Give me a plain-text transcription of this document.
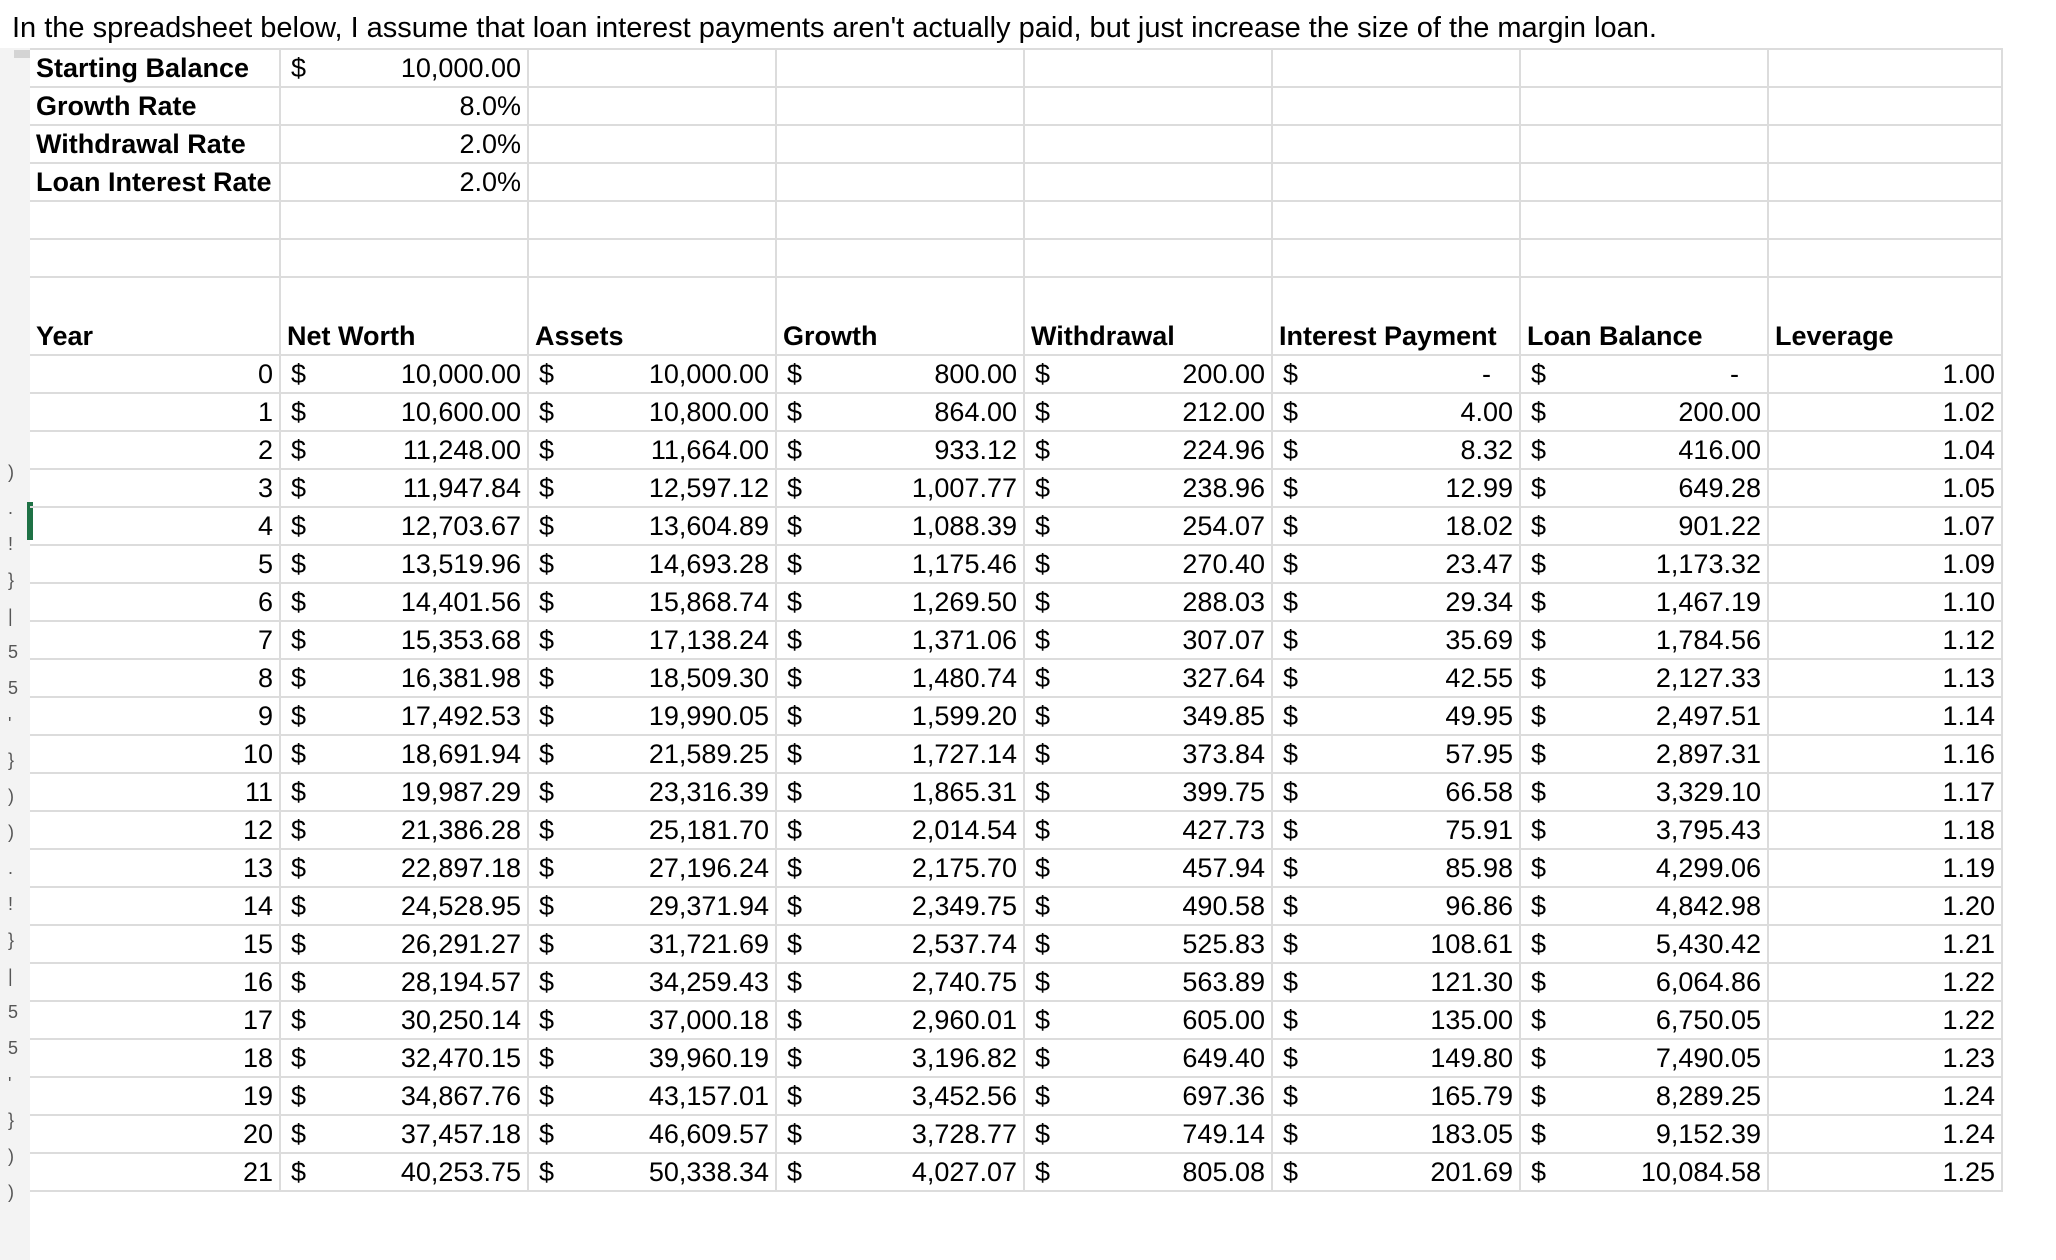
In the spreadsheet below, I assume that loan interest payments aren't actually paid, but just increase the size of the margin loan.
)
.
!
}
|
5
5
'
}
)
)
.
!
}
|
5
5
'
}
)
)
Starting Balance	$ 10,000.00						

Growth Rate	8.0%						
Withdrawal Rate	2.0%						
Loan Interest Rate	2.0%						

Year	Net Worth	Assets	Growth	Withdrawal	Interest Payment	Loan Balance	Leverage
0	$ 10,000.00	$ 10,000.00	$ 800.00	$ 200.00	$ -	$ -	1.00
1	$ 10,600.00	$ 10,800.00	$ 864.00	$ 212.00	$ 4.00	$ 200.00	1.02
2	$ 11,248.00	$ 11,664.00	$ 933.12	$ 224.96	$ 8.32	$ 416.00	1.04
3	$ 11,947.84	$ 12,597.12	$ 1,007.77	$ 238.96	$ 12.99	$ 649.28	1.05
4	$ 12,703.67	$ 13,604.89	$ 1,088.39	$ 254.07	$ 18.02	$ 901.22	1.07
5	$ 13,519.96	$ 14,693.28	$ 1,175.46	$ 270.40	$ 23.47	$ 1,173.32	1.09
6	$ 14,401.56	$ 15,868.74	$ 1,269.50	$ 288.03	$ 29.34	$ 1,467.19	1.10
7	$ 15,353.68	$ 17,138.24	$ 1,371.06	$ 307.07	$ 35.69	$ 1,784.56	1.12
8	$ 16,381.98	$ 18,509.30	$ 1,480.74	$ 327.64	$ 42.55	$ 2,127.33	1.13
9	$ 17,492.53	$ 19,990.05	$ 1,599.20	$ 349.85	$ 49.95	$ 2,497.51	1.14
10	$ 18,691.94	$ 21,589.25	$ 1,727.14	$ 373.84	$ 57.95	$ 2,897.31	1.16
11	$ 19,987.29	$ 23,316.39	$ 1,865.31	$ 399.75	$ 66.58	$ 3,329.10	1.17
12	$ 21,386.28	$ 25,181.70	$ 2,014.54	$ 427.73	$ 75.91	$ 3,795.43	1.18
13	$ 22,897.18	$ 27,196.24	$ 2,175.70	$ 457.94	$ 85.98	$ 4,299.06	1.19
14	$ 24,528.95	$ 29,371.94	$ 2,349.75	$ 490.58	$ 96.86	$ 4,842.98	1.20
15	$ 26,291.27	$ 31,721.69	$ 2,537.74	$ 525.83	$ 108.61	$ 5,430.42	1.21
16	$ 28,194.57	$ 34,259.43	$ 2,740.75	$ 563.89	$ 121.30	$ 6,064.86	1.22
17	$ 30,250.14	$ 37,000.18	$ 2,960.01	$ 605.00	$ 135.00	$ 6,750.05	1.22
18	$ 32,470.15	$ 39,960.19	$ 3,196.82	$ 649.40	$ 149.80	$ 7,490.05	1.23
19	$ 34,867.76	$ 43,157.01	$ 3,452.56	$ 697.36	$ 165.79	$ 8,289.25	1.24
20	$ 37,457.18	$ 46,609.57	$ 3,728.77	$ 749.14	$ 183.05	$ 9,152.39	1.24
21	$ 40,253.75	$ 50,338.34	$ 4,027.07	$ 805.08	$ 201.69	$ 10,084.58	1.25
